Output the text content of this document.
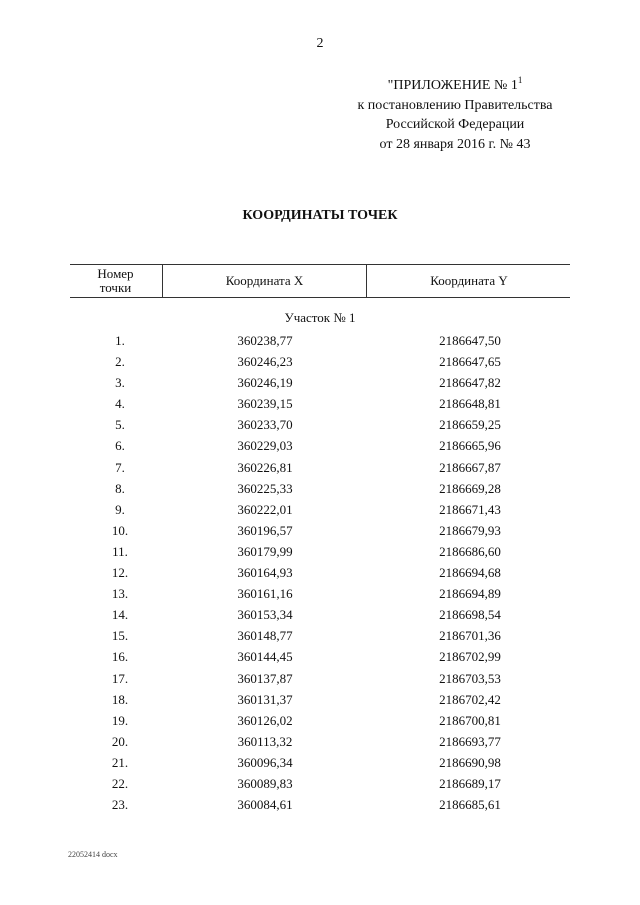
2
"ПРИЛОЖЕНИЕ № $1^1$
к постановлению Правительства
Российской Федерации
от 28 января 2016 г. № 43
КООРДИНАТЫ ТОЧЕК
Номер
точки	Координата X	Координата Y
Участок № 1
1.	360238,77	2186647,50
2.	360246,23	2186647,65
3.	360246,19	2186647,82
4.	360239,15	2186648,81
5.	360233,70	2186659,25
6.	360229,03	2186665,96
7.	360226,81	2186667,87
8.	360225,33	2186669,28
9.	360222,01	2186671,43
10.	360196,57	2186679,93
11.	360179,99	2186686,60
12.	360164,93	2186694,68
13.	360161,16	2186694,89
14.	360153,34	2186698,54
15.	360148,77	2186701,36
16.	360144,45	2186702,99
17.	360137,87	2186703,53
18.	360131,37	2186702,42
19.	360126,02	2186700,81
20.	360113,32	2186693,77
21.	360096,34	2186690,98
22.	360089,83	2186689,17
23.	360084,61	2186685,61
22052414 docx
